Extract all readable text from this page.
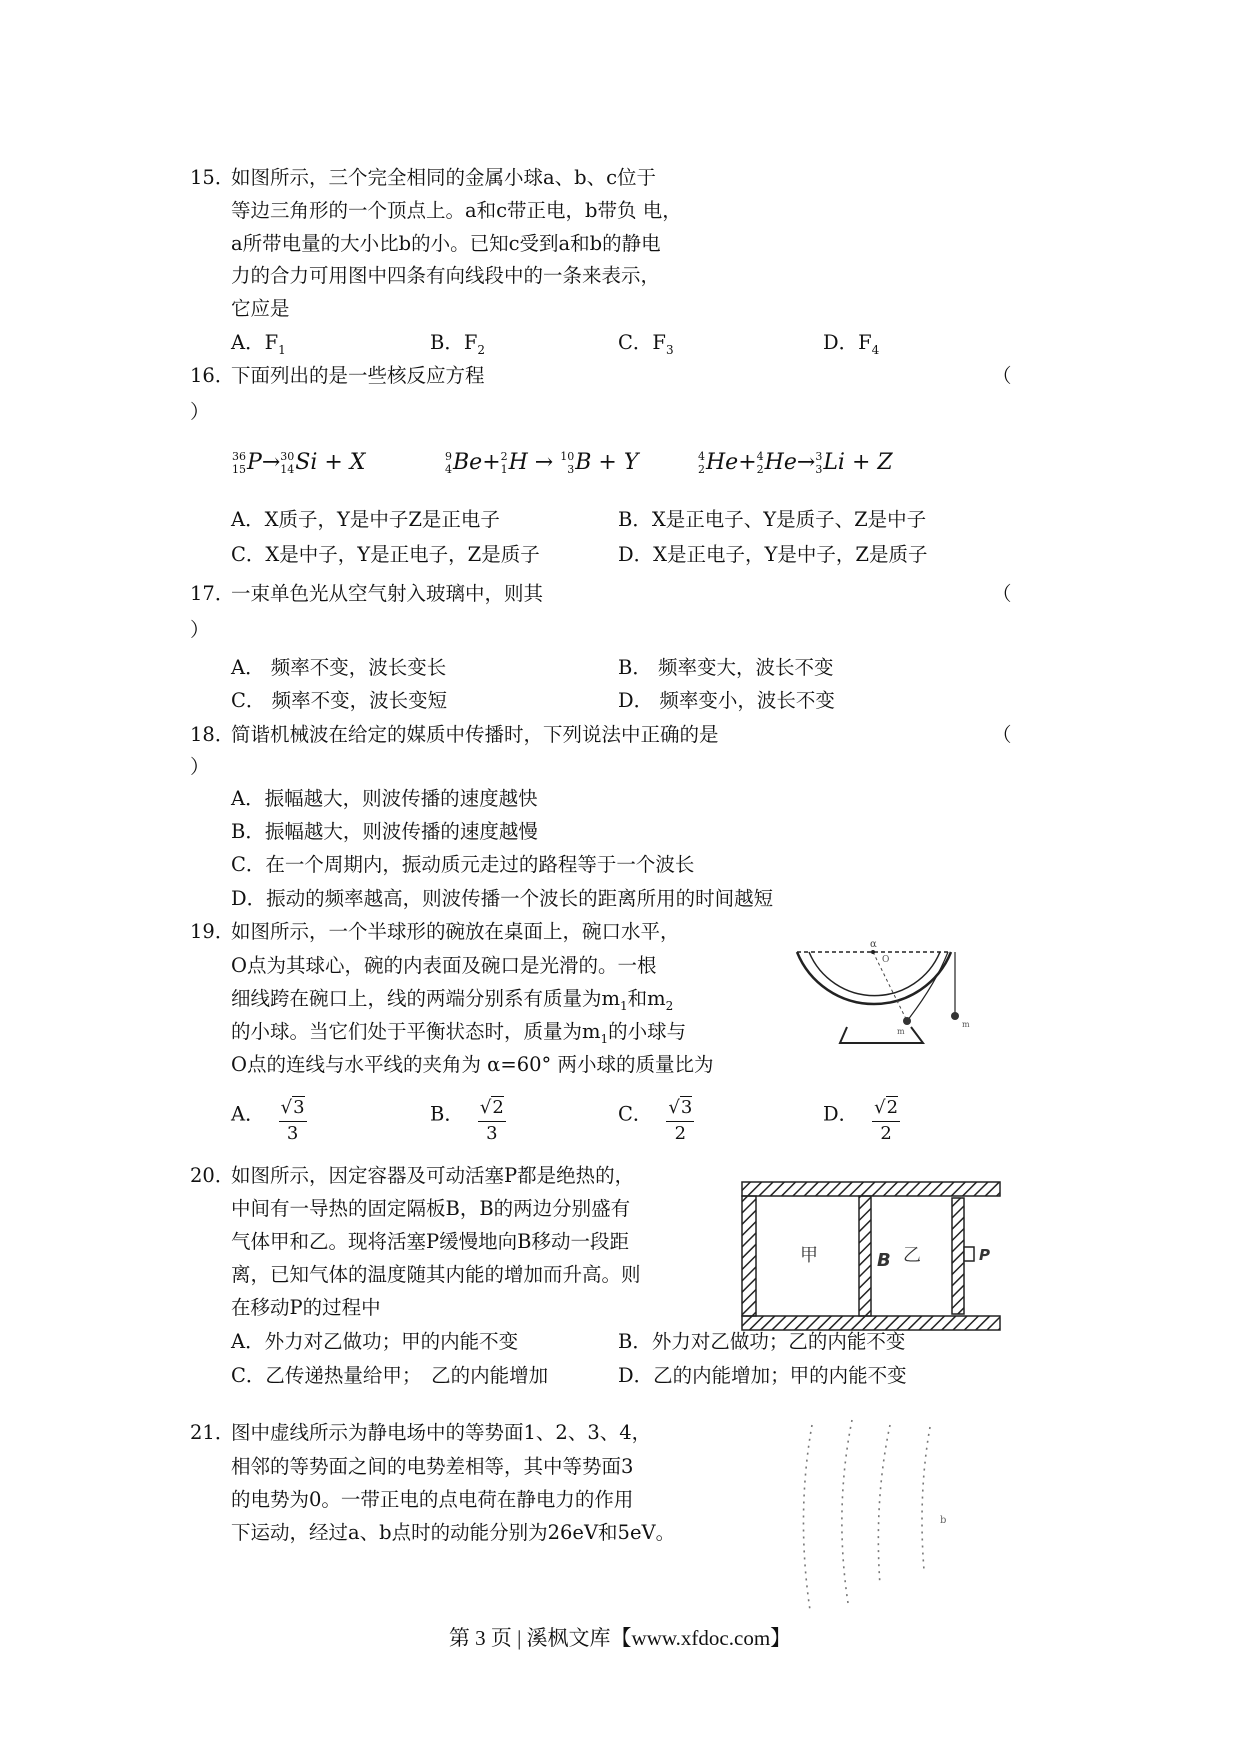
15．
如图所示，三个完全相同的金属小球a、b、c位于
等边三角形的一个顶点上。a和c带正电，b带负 电，
a所带电量的大小比b的小。已知c受到a和b的静电
力的合力可用图中四条有向线段中的一条来表示，
它应是
A．$F_1$	B．$F_2$	C．$F_3$	D．$F_4$
16．
下面列出的是一些核反应方程	（
）
36
15P→30
14Si + X	9
4Be+2
1H → 10
3B + Y	4
2He+4
2He→3
3Li + Z
A．X质子，Y是中子Z是正电子	B．X是正电子、Y是质子、Z是中子
C．X是中子，Y是正电子，Z是质子	D．X是正电子，Y是中子，Z是质子
17．
一束单色光从空气射入玻璃中，则其	（
）
A． 频率不变，波长变长	B． 频率变大，波长不变
C． 频率不变，波长变短	D． 频率变小，波长不变
18．
简谐机械波在给定的媒质中传播时，下列说法中正确的是	（
）
A．振幅越大，则波传播的速度越快
B．振幅越大，则波传播的速度越慢
C．在一个周期内，振动质元走过的路程等于一个波长
D．振动的频率越高，则波传播一个波长的距离所用的时间越短
19．
如图所示，一个半球形的碗放在桌面上，碗口水平，
O点为其球心，碗的内表面及碗口是光滑的。一根
细线跨在碗口上，线的两端分别系有质量为$m_1$和$m_2$
的小球。当它们处于平衡状态时，质量为$m_1$的小球与
O点的连线与水平线的夹角为 α=60° 两小球的质量比为
A． $\frac{√3}{3}$	B． $\frac{√2}{3}$	C． $\frac{√3}{2}$	D． $\frac{√2}{2}$
α
O
m
m
20．
如图所示，因定容器及可动活塞P都是绝热的，
中间有一导热的固定隔板B，B的两边分别盛有
气体甲和乙。现将活塞P缓慢地向B移动一段距
离，已知气体的温度随其内能的增加而升高。则
在移动P的过程中
A．外力对乙做功；甲的内能不变	B．外力对乙做功；乙的内能不变
C．乙传递热量给甲；　乙的内能增加	D．乙的内能增加；甲的内能不变
甲	B 乙	P
21．
图中虚线所示为静电场中的等势面1、2、3、4，
相邻的等势面之间的电势差相等，其中等势面3
的电势为0。一带正电的点电荷在静电力的作用
下运动，经过a、b点时的动能分别为26eV和5eV。
b
第 3 页 | 溪枫文库【www.xfdoc.com】
